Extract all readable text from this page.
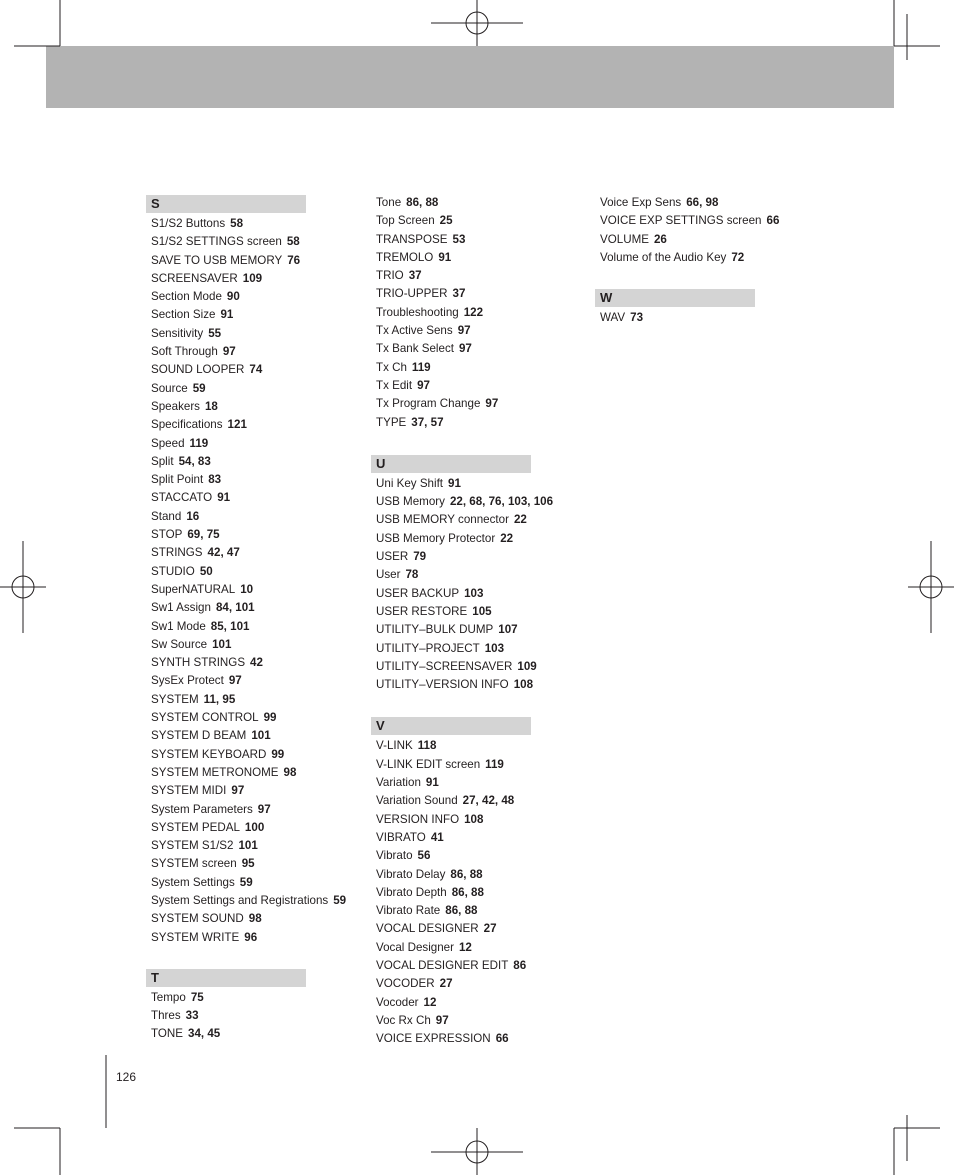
S
S1/S2 Buttons 58
S1/S2 SETTINGS screen 58
SAVE TO USB MEMORY 76
SCREENSAVER 109
Section Mode 90
Section Size 91
Sensitivity 55
Soft Through 97
SOUND LOOPER 74
Source 59
Speakers 18
Specifications 121
Speed 119
Split 54, 83
Split Point 83
STACCATO 91
Stand 16
STOP 69, 75
STRINGS 42, 47
STUDIO 50
SuperNATURAL 10
Sw1 Assign 84, 101
Sw1 Mode 85, 101
Sw Source 101
SYNTH STRINGS 42
SysEx Protect 97
SYSTEM 11, 95
SYSTEM CONTROL 99
SYSTEM D BEAM 101
SYSTEM KEYBOARD 99
SYSTEM METRONOME 98
SYSTEM MIDI 97
System Parameters 97
SYSTEM PEDAL 100
SYSTEM S1/S2 101
SYSTEM screen 95
System Settings 59
System Settings and Registrations 59
SYSTEM SOUND 98
SYSTEM WRITE 96
T
Tempo 75
Thres 33
TONE 34, 45
Tone 86, 88
Top Screen 25
TRANSPOSE 53
TREMOLO 91
TRIO 37
TRIO-UPPER 37
Troubleshooting 122
Tx Active Sens 97
Tx Bank Select 97
Tx Ch 119
Tx Edit 97
Tx Program Change 97
TYPE 37, 57
U
Uni Key Shift 91
USB Memory 22, 68, 76, 103, 106
USB MEMORY connector 22
USB Memory Protector 22
USER 79
User 78
USER BACKUP 103
USER RESTORE 105
UTILITY–BULK DUMP 107
UTILITY–PROJECT 103
UTILITY–SCREENSAVER 109
UTILITY–VERSION INFO 108
V
V-LINK 118
V-LINK EDIT screen 119
Variation 91
Variation Sound 27, 42, 48
VERSION INFO 108
VIBRATO 41
Vibrato 56
Vibrato Delay 86, 88
Vibrato Depth 86, 88
Vibrato Rate 86, 88
VOCAL DESIGNER 27
Vocal Designer 12
VOCAL DESIGNER EDIT 86
VOCODER 27
Vocoder 12
Voc Rx Ch 97
VOICE EXPRESSION 66
Voice Exp Sens 66, 98
VOICE EXP SETTINGS screen 66
VOLUME 26
Volume of the Audio Key 72
W
WAV 73
126
